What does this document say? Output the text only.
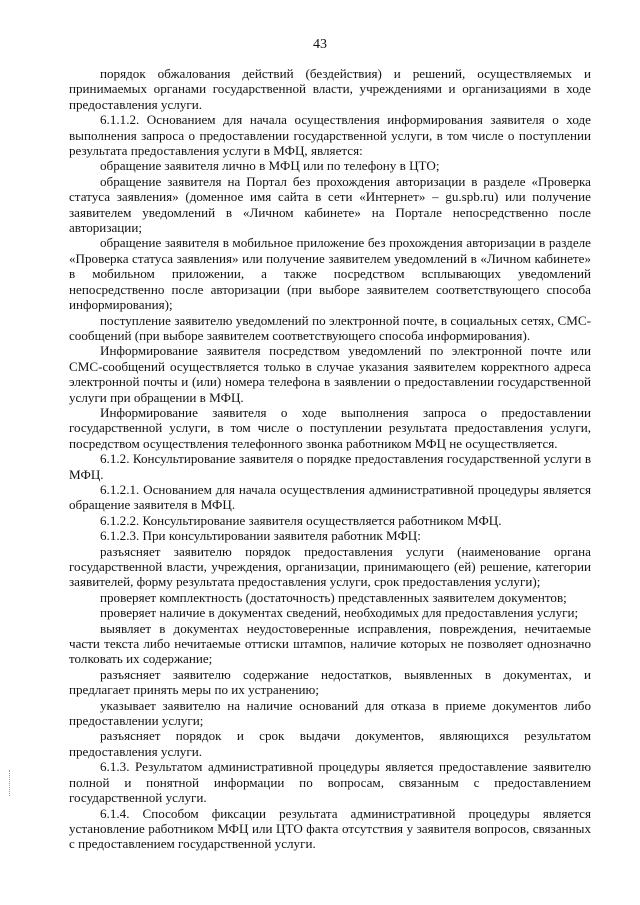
43

порядок обжалования действий (бездействия) и решений, осуществляемых и принимаемых органами государственной власти, учреждениями и организациями в ходе предоставления услуги.

6.1.1.2. Основанием для начала осуществления информирования заявителя о ходе выполнения запроса о предоставлении государственной услуги, в том числе о поступлении результата предоставления услуги в МФЦ, является:

обращение заявителя лично в МФЦ или по телефону в ЦТО;

обращение заявителя на Портал без прохождения авторизации в разделе «Проверка статуса заявления» (доменное имя сайта в сети «Интернет» – gu.spb.ru) или получение заявителем уведомлений в «Личном кабинете» на Портале непосредственно после авторизации;

обращение заявителя в мобильное приложение без прохождения авторизации в разделе «Проверка статуса заявления» или получение заявителем уведомлений в «Личном кабинете» в мобильном приложении, а также посредством всплывающих уведомлений непосредственно после авторизации (при выборе заявителем соответствующего способа информирования);

поступление заявителю уведомлений по электронной почте, в социальных сетях, СМС-сообщений (при выборе заявителем соответствующего способа информирования).

Информирование заявителя посредством уведомлений по электронной почте или СМС-сообщений осуществляется только в случае указания заявителем корректного адреса электронной почты и (или) номера телефона в заявлении о предоставлении государственной услуги при обращении в МФЦ.

Информирование заявителя о ходе выполнения запроса о предоставлении государственной услуги, в том числе о поступлении результата предоставления услуги, посредством осуществления телефонного звонка работником МФЦ не осуществляется.

6.1.2. Консультирование заявителя о порядке предоставления государственной услуги в МФЦ.

6.1.2.1. Основанием для начала осуществления административной процедуры является обращение заявителя в МФЦ.

6.1.2.2. Консультирование заявителя осуществляется работником МФЦ.

6.1.2.3. При консультировании заявителя работник МФЦ:

разъясняет заявителю порядок предоставления услуги (наименование органа государственной власти, учреждения, организации, принимающего (ей) решение, категории заявителей, форму результата предоставления услуги, срок предоставления услуги);

проверяет комплектность (достаточность) представленных заявителем документов;

проверяет наличие в документах сведений, необходимых для предоставления услуги;

выявляет в документах неудостоверенные исправления, повреждения, нечитаемые части текста либо нечитаемые оттиски штампов, наличие которых не позволяет однозначно толковать их содержание;

разъясняет заявителю содержание недостатков, выявленных в документах, и предлагает принять меры по их устранению;

указывает заявителю на наличие оснований для отказа в приеме документов либо предоставлении услуги;

разъясняет порядок и срок выдачи документов, являющихся результатом предоставления услуги.

6.1.3. Результатом административной процедуры является предоставление заявителю полной и понятной информации по вопросам, связанным с предоставлением государственной услуги.

6.1.4. Способом фиксации результата административной процедуры является установление работником МФЦ или ЦТО факта отсутствия у заявителя вопросов, связанных с предоставлением государственной услуги.
